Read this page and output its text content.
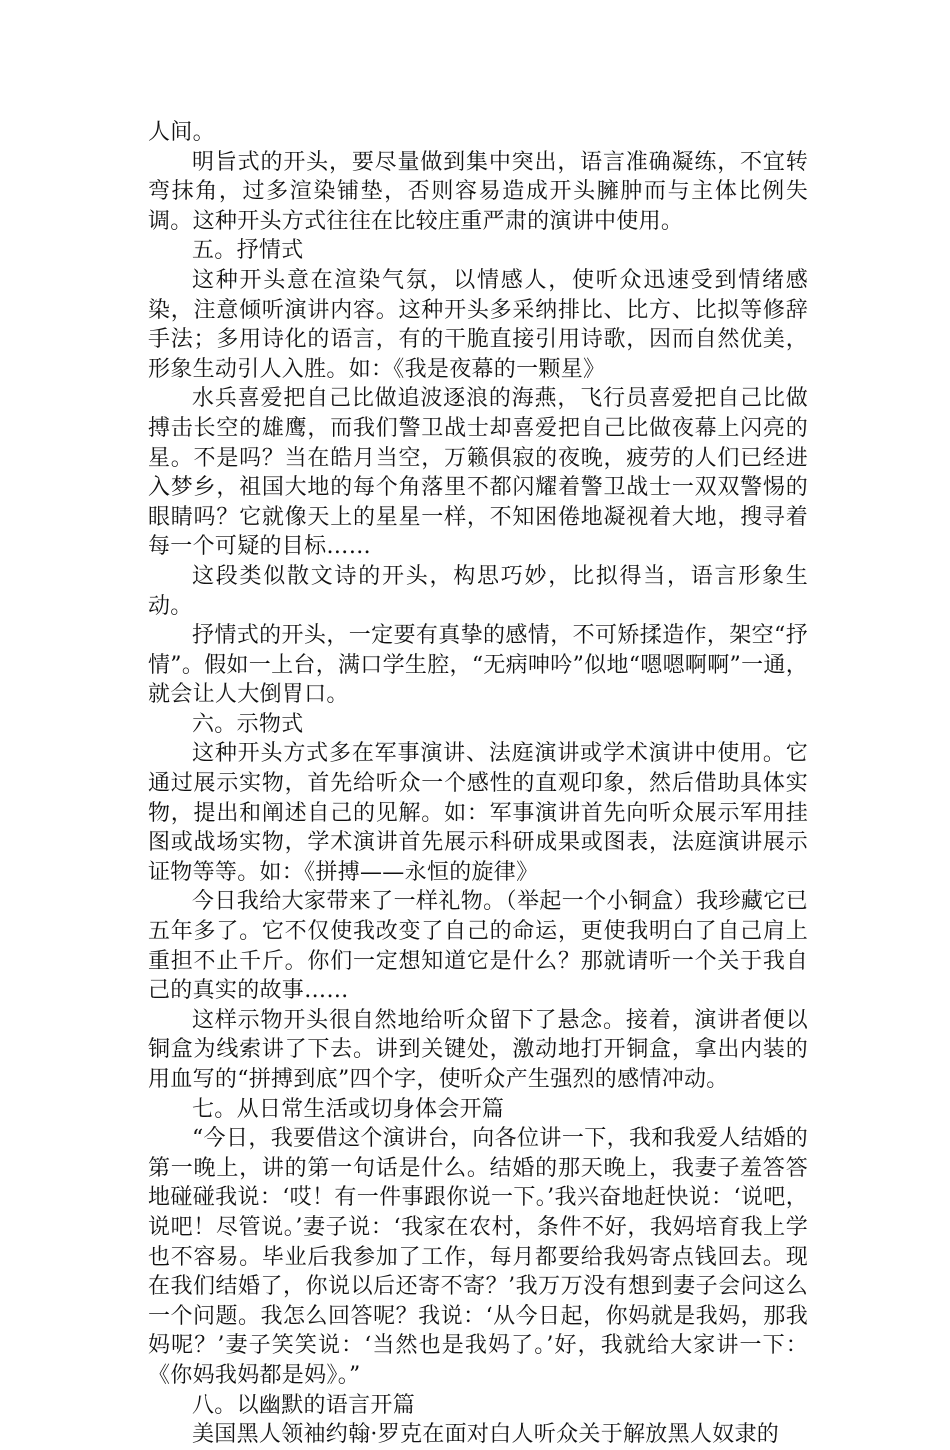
人间。

明旨式的开头，要尽量做到集中突出，语言准确凝练，不宜转弯抹角，过多渲染铺垫，否则容易造成开头臃肿而与主体比例失调。这种开头方式往往在比较庄重严肃的演讲中使用。

五。抒情式

这种开头意在渲染气氛，以情感人，使听众迅速受到情绪感染，注意倾听演讲内容。这种开头多采纳排比、比方、比拟等修辞手法；多用诗化的语言，有的干脆直接引用诗歌，因而自然优美，形象生动引人入胜。如：《我是夜幕的一颗星》

水兵喜爱把自己比做追波逐浪的海燕，飞行员喜爱把自己比做搏击长空的雄鹰，而我们警卫战士却喜爱把自己比做夜幕上闪亮的星。不是吗？当在皓月当空，万籁俱寂的夜晚，疲劳的人们已经进入梦乡，祖国大地的每个角落里不都闪耀着警卫战士一双双警惕的眼睛吗？它就像天上的星星一样，不知困倦地凝视着大地，搜寻着每一个可疑的目标……

这段类似散文诗的开头，构思巧妙，比拟得当，语言形象生动。

抒情式的开头，一定要有真挚的感情，不可矫揉造作，架空“抒情”。假如一上台，满口学生腔，“无病呻吟”似地“嗯嗯啊啊”一通，就会让人大倒胃口。

六。示物式

这种开头方式多在军事演讲、法庭演讲或学术演讲中使用。它通过展示实物，首先给听众一个感性的直观印象，然后借助具体实物，提出和阐述自己的见解。如：军事演讲首先向听众展示军用挂图或战场实物，学术演讲首先展示科研成果或图表，法庭演讲展示证物等等。如：《拼搏——永恒的旋律》

今日我给大家带来了一样礼物。（举起一个小铜盒）我珍藏它已五年多了。它不仅使我改变了自己的命运，更使我明白了自己肩上重担不止千斤。你们一定想知道它是什么？那就请听一个关于我自己的真实的故事……

这样示物开头很自然地给听众留下了悬念。接着，演讲者便以铜盒为线索讲了下去。讲到关键处，激动地打开铜盒，拿出内装的用血写的“拼搏到底”四个字，使听众产生强烈的感情冲动。

七。从日常生活或切身体会开篇

“今日，我要借这个演讲台，向各位讲一下，我和我爱人结婚的第一晚上，讲的第一句话是什么。结婚的那天晚上，我妻子羞答答地碰碰我说：‘哎！有一件事跟你说一下。’我兴奋地赶快说：‘说吧，说吧！尽管说。’妻子说：‘我家在农村，条件不好，我妈培育我上学也不容易。毕业后我参加了工作，每月都要给我妈寄点钱回去。现在我们结婚了，你说以后还寄不寄？’我万万没有想到妻子会问这么一个问题。我怎么回答呢？我说：‘从今日起，你妈就是我妈，那我妈呢？’妻子笑笑说：‘当然也是我妈了。’好，我就给大家讲一下：《你妈我妈都是妈》。”

八。以幽默的语言开篇

美国黑人领袖约翰·罗克在面对白人听众关于解放黑人奴隶的
